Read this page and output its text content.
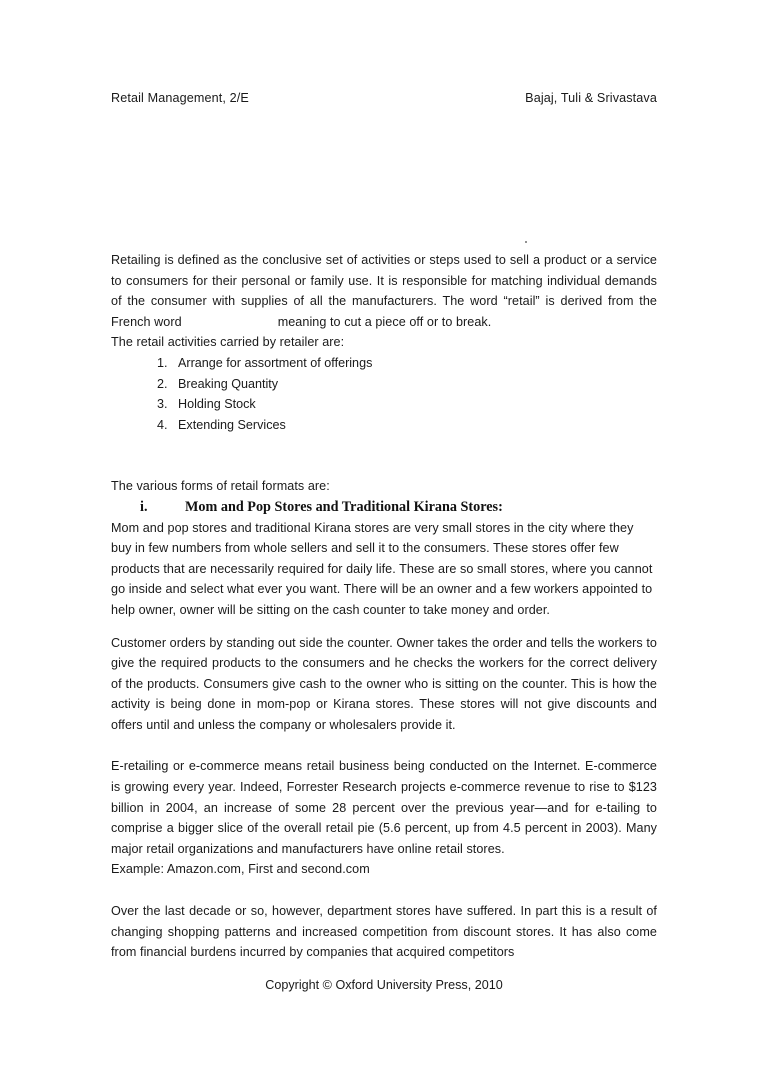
Retail Management, 2/E	Bajaj, Tuli & Srivastava

Retailing is defined as the conclusive set of activities or steps used to sell a product or a service to consumers for their personal or family use. It is responsible for matching individual demands of the consumer with supplies of all the manufacturers. The word “retail” is derived from the French word	meaning to cut a piece off or to break.

The retail activities carried by retailer are:

1. Arrange for assortment of offerings
2. Breaking Quantity
3. Holding Stock
4. Extending Services

The various forms of retail formats are:

i.	Mom and Pop Stores and Traditional Kirana Stores:

Mom and pop stores and traditional Kirana stores are very small stores in the city where they buy in few numbers from whole sellers and sell it to the consumers. These stores offer few products that are necessarily required for daily life. These are so small stores, where you cannot go inside and select what ever you want. There will be an owner and a few workers appointed to help owner, owner will be sitting on the cash counter to take money and order.

Customer orders by standing out side the counter. Owner takes the order and tells the workers to give the required products to the consumers and he checks the workers for the correct delivery of the products. Consumers give cash to the owner who is sitting on the counter. This is how the activity is being done in mom-pop or Kirana stores. These stores will not give discounts and offers until and unless the company or wholesalers provide it.

E-retailing or e-commerce means retail business being conducted on the Internet. E-commerce is growing every year. Indeed, Forrester Research projects e-commerce revenue to rise to $123 billion in 2004, an increase of some 28 percent over the previous year—and for e-tailing to comprise a bigger slice of the overall retail pie (5.6 percent, up from 4.5 percent in 2003). Many major retail organizations and manufacturers have online retail stores.

Example: Amazon.com, First and second.com

Over the last decade or so, however, department stores have suffered. In part this is a result of changing shopping patterns and increased competition from discount stores. It has also come from financial burdens incurred by companies that acquired competitors

Copyright © Oxford University Press, 2010
